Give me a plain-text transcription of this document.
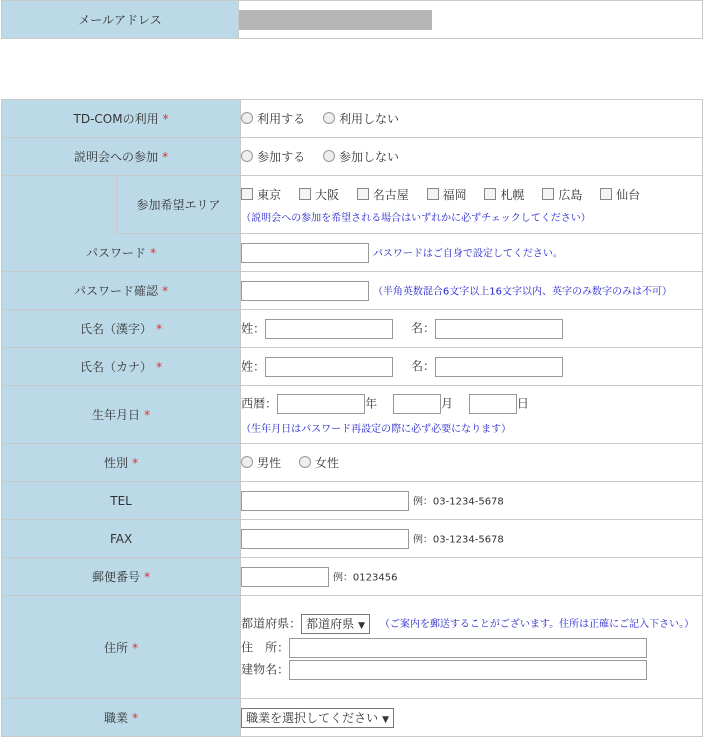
メールアドレス	
TD-COMの利用 *		利用する 利用しない
説明会への参加 *		参加する 参加しない
	参加希望エリア	東京 大阪 名古屋 福岡 札幌 広島 仙台
（説明会への参加を希望される場合はいずれかに必ずチェックしてください）

パスワード *		パスワードはご自身で設定してください。
パスワード確認 *		（半角英数混合6文字以上16文字以内、英字のみ数字のみは不可）
氏名（漢字） *		姓： 名：
氏名（カナ） *		姓： 名：
生年月日 *		西暦： 年 月 日
（生年月日はパスワード再設定の際に必ず必要になります）

性別 *		男性 女性
TEL		例：03-1234-5678
FAX		例：03-1234-5678
郵便番号 *		例：0123456
住所 *		都道府県： 都道府県 ▼ （ご案内を郵送することがございます。住所は正確にご記入下さい。）
住　所：
建物名：

職業 *		職業を選択してください ▼
